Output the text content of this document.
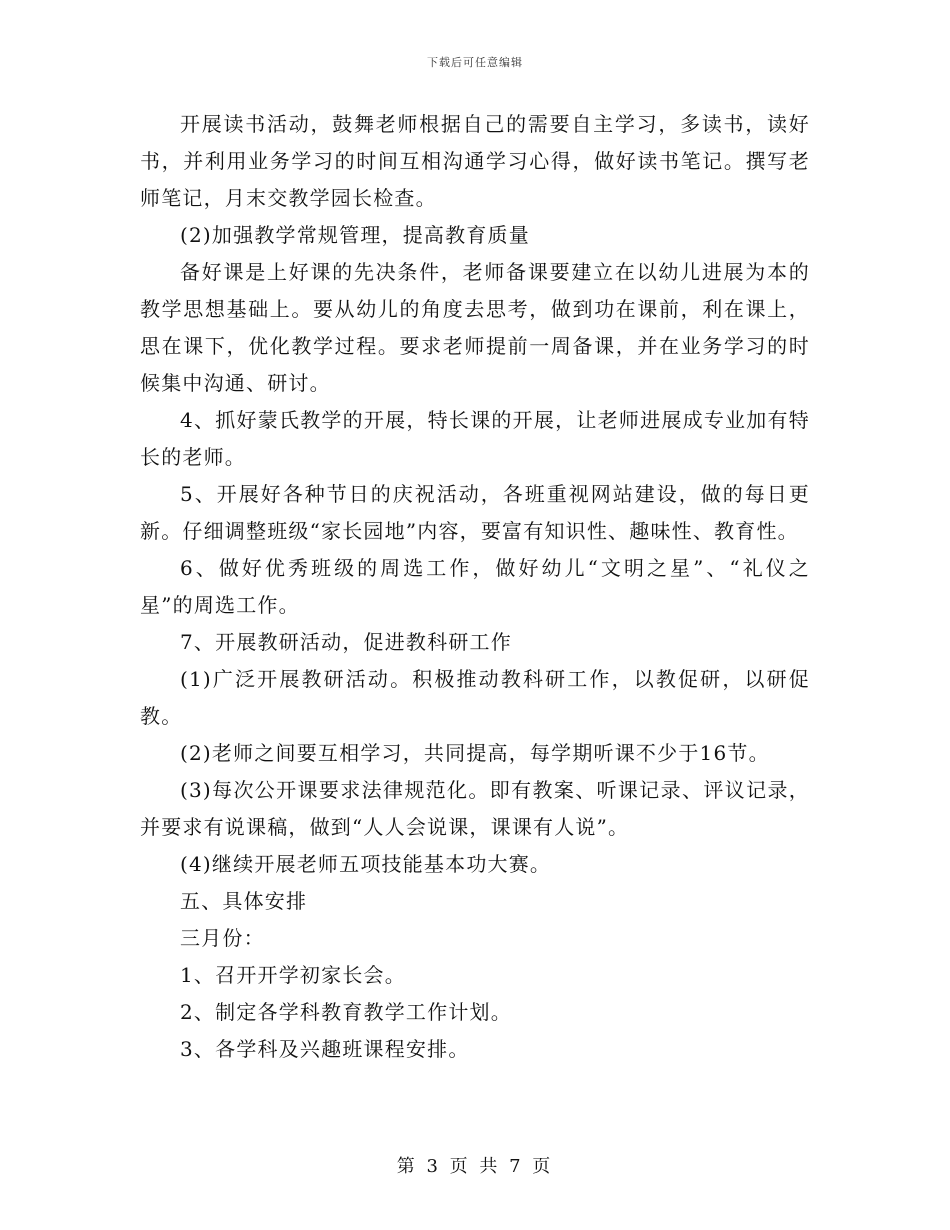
下载后可任意编辑

开展读书活动，鼓舞老师根据自己的需要自主学习，多读书，读好书，并利用业务学习的时间互相沟通学习心得，做好读书笔记。撰写老师笔记，月末交教学园长检查。

(2)加强教学常规管理，提高教育质量

备好课是上好课的先决条件，老师备课要建立在以幼儿进展为本的教学思想基础上。要从幼儿的角度去思考，做到功在课前，利在课上，思在课下，优化教学过程。要求老师提前一周备课，并在业务学习的时候集中沟通、研讨。

4、抓好蒙氏教学的开展，特长课的开展，让老师进展成专业加有特长的老师。

5、开展好各种节日的庆祝活动，各班重视网站建设，做的每日更新。仔细调整班级“家长园地”内容，要富有知识性、趣味性、教育性。

6、做好优秀班级的周选工作，做好幼儿“文明之星”、“礼仪之星”的周选工作。

7、开展教研活动，促进教科研工作

(1)广泛开展教研活动。积极推动教科研工作，以教促研，以研促教。

(2)老师之间要互相学习，共同提高，每学期听课不少于16节。

(3)每次公开课要求法律规范化。即有教案、听课记录、评议记录，并要求有说课稿，做到“人人会说课，课课有人说”。

(4)继续开展老师五项技能基本功大赛。

五、具体安排

三月份：

1、召开开学初家长会。

2、制定各学科教育教学工作计划。

3、各学科及兴趣班课程安排。

第 3 页 共 7 页
